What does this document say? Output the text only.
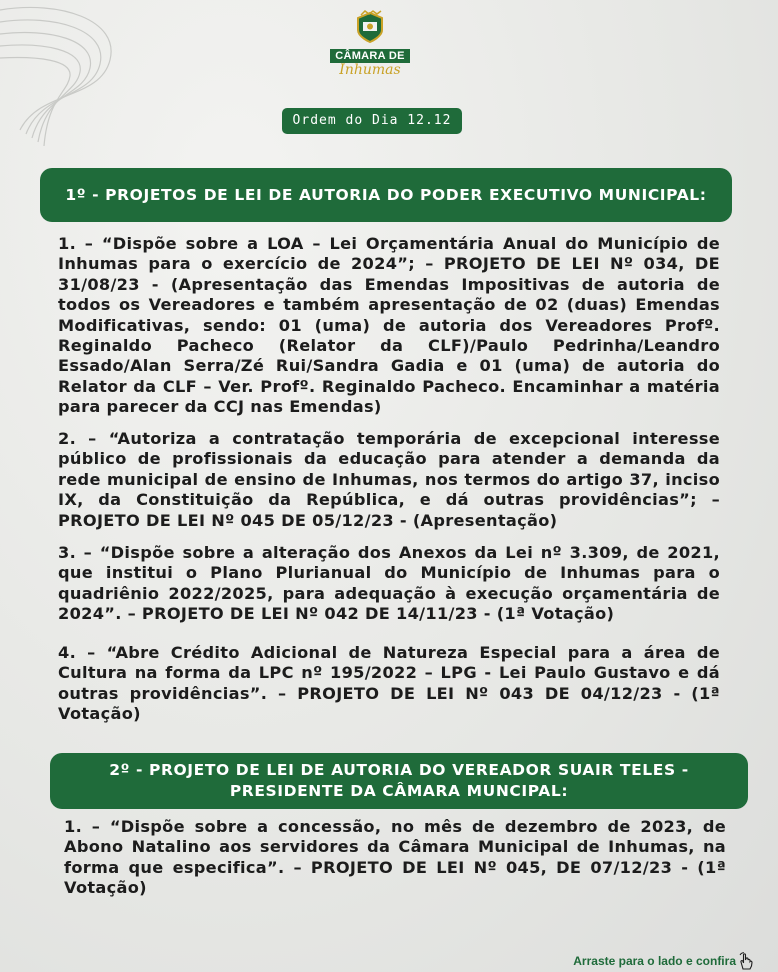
CÂMARA DE
Inhumas
Ordem do Dia 12.12
1º - PROJETOS DE LEI DE AUTORIA DO PODER EXECUTIVO MUNICIPAL:

1. – “Dispõe sobre a LOA – Lei Orçamentária Anual do Município de Inhumas para o exercício de 2024”; – PROJETO DE LEI Nº 034, DE 31/08/23 - (Apresentação das Emendas Impositivas de autoria de todos os Vereadores e também apresentação de 02 (duas) Emendas Modificativas, sendo: 01 (uma) de autoria dos Vereadores Profº. Reginaldo Pacheco (Relator da CLF)/Paulo Pedrinha/Leandro Essado/Alan Serra/Zé Rui/Sandra Gadia e 01 (uma) de autoria do Relator da CLF – Ver. Profº. Reginaldo Pacheco. Encaminhar a matéria para parecer da CCJ nas Emendas)

2. – “Autoriza a contratação temporária de excepcional interesse público de profissionais da educação para atender a demanda da rede municipal de ensino de Inhumas, nos termos do artigo 37, inciso IX, da Constituição da República, e dá outras providências”; – PROJETO DE LEI Nº 045 DE 05/12/23 - (Apresentação)

3. – “Dispõe sobre a alteração dos Anexos da Lei nº 3.309, de 2021, que institui o Plano Plurianual do Município de Inhumas para o quadriênio 2022/2025, para adequação à execução orçamentária de 2024”. – PROJETO DE LEI Nº 042 DE 14/11/23 - (1ª Votação)

4. – “Abre Crédito Adicional de Natureza Especial para a área de Cultura na forma da LPC nº 195/2022 – LPG - Lei Paulo Gustavo e dá outras providências”. – PROJETO DE LEI Nº 043 DE 04/12/23 - (1ª Votação)

2º - PROJETO DE LEI DE AUTORIA DO VEREADOR SUAIR TELES -
PRESIDENTE DA CÂMARA MUNCIPAL:

1. – “Dispõe sobre a concessão, no mês de dezembro de 2023, de Abono Natalino aos servidores da Câmara Municipal de Inhumas, na forma que especifica”. – PROJETO DE LEI Nº 045, DE 07/12/23 - (1ª Votação)

Arraste para o lado e confira
